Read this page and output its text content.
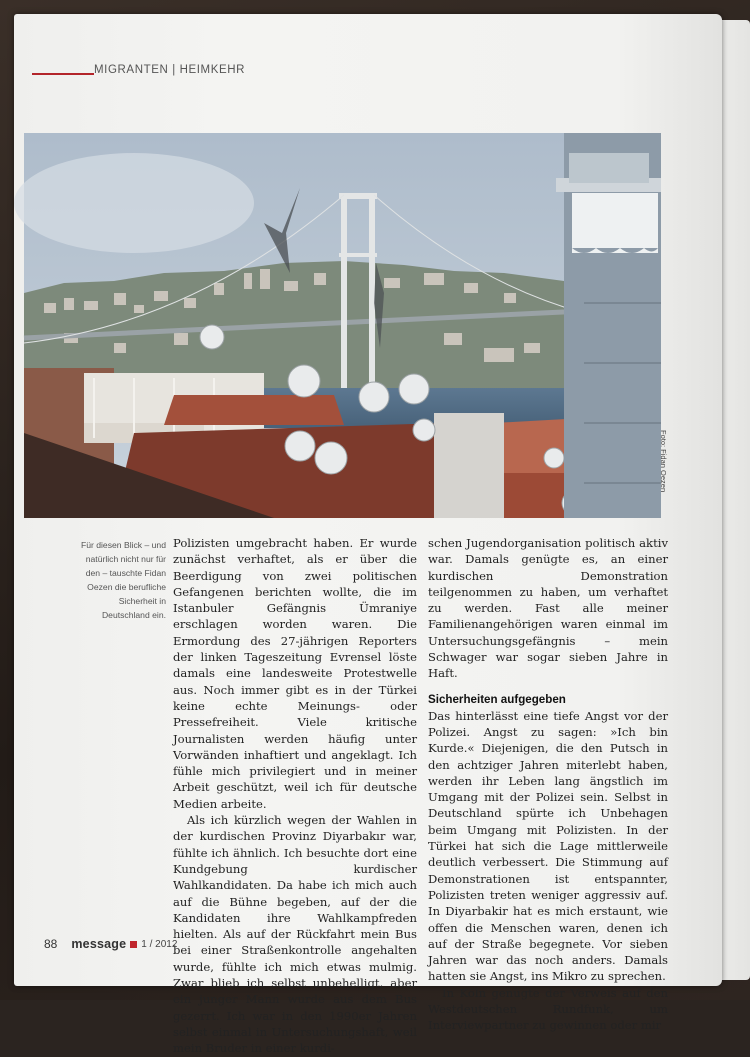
MIGRANTEN | HEIMKEHR
Foto: Fidan Oezen
Für diesen Blick – und natürlich nicht nur für den – tauschte Fidan Oezen die berufliche Sicherheit in Deutschland ein.

Polizisten umgebracht haben. Er wurde zunächst verhaftet, als er über die Beerdigung von zwei politischen Gefangenen berichten wollte, die im Istanbuler Gefängnis Ümraniye erschlagen worden waren. Die Ermordung des 27-jährigen Reporters der linken Tageszeitung Evrensel löste damals eine landesweite Protestwelle aus. Noch immer gibt es in der Türkei keine echte Meinungs- oder Pressefreiheit. Viele kritische Journalisten werden häufig unter Vorwänden inhaftiert und angeklagt. Ich fühle mich privilegiert und in meiner Arbeit geschützt, weil ich für deutsche Medien arbeite.

Als ich kürzlich wegen der Wahlen in der kurdischen Provinz Diyarbakır war, fühlte ich ähnlich. Ich besuchte dort eine Kundgebung kurdischer Wahlkandidaten. Da habe ich mich auch auf die Bühne begeben, auf der die Kandidaten ihre Wahlkampfreden hielten. Als auf der Rückfahrt mein Bus bei einer Straßenkontrolle angehalten wurde, fühlte ich mich etwas mulmig. Zwar blieb ich selbst unbehelligt, aber ein junger Mann wurde aus dem Bus gezerrt. Ich war in den 1990er Jahren selbst einmal in Untersuchungshaft, weil mein Bruder in einer kurdi-

schen Jugendorganisation politisch aktiv war. Damals genügte es, an einer kurdischen Demonstration teilgenommen zu haben, um verhaftet zu werden. Fast alle meiner Familienangehörigen waren einmal im Untersuchungsgefängnis – mein Schwager war sogar sieben Jahre in Haft.

Sicherheiten aufgegeben

Das hinterlässt eine tiefe Angst vor der Polizei. Angst zu sagen: »Ich bin Kurde.« Diejenigen, die den Putsch in den achtziger Jahren miterlebt haben, werden ihr Leben lang ängstlich im Umgang mit der Polizei sein. Selbst in Deutschland spürte ich Unbehagen beim Umgang mit Polizisten. In der Türkei hat sich die Lage mittlerweile deutlich verbessert. Die Stimmung auf Demonstrationen ist entspannter, Polizisten treten weniger aggressiv auf. In Diyarbakir hat es mich erstaunt, wie offen die Menschen waren, denen ich auf der Straße begegnete. Vor sieben Jahren war das noch anders. Damals hatten sie Angst, ins Mikro zu sprechen.

In Köln genügte der Verweis auf den Westdeutschen Rundfunk, um Interviewpartner zu gewinnen oder mir

88 message 1 / 2012
